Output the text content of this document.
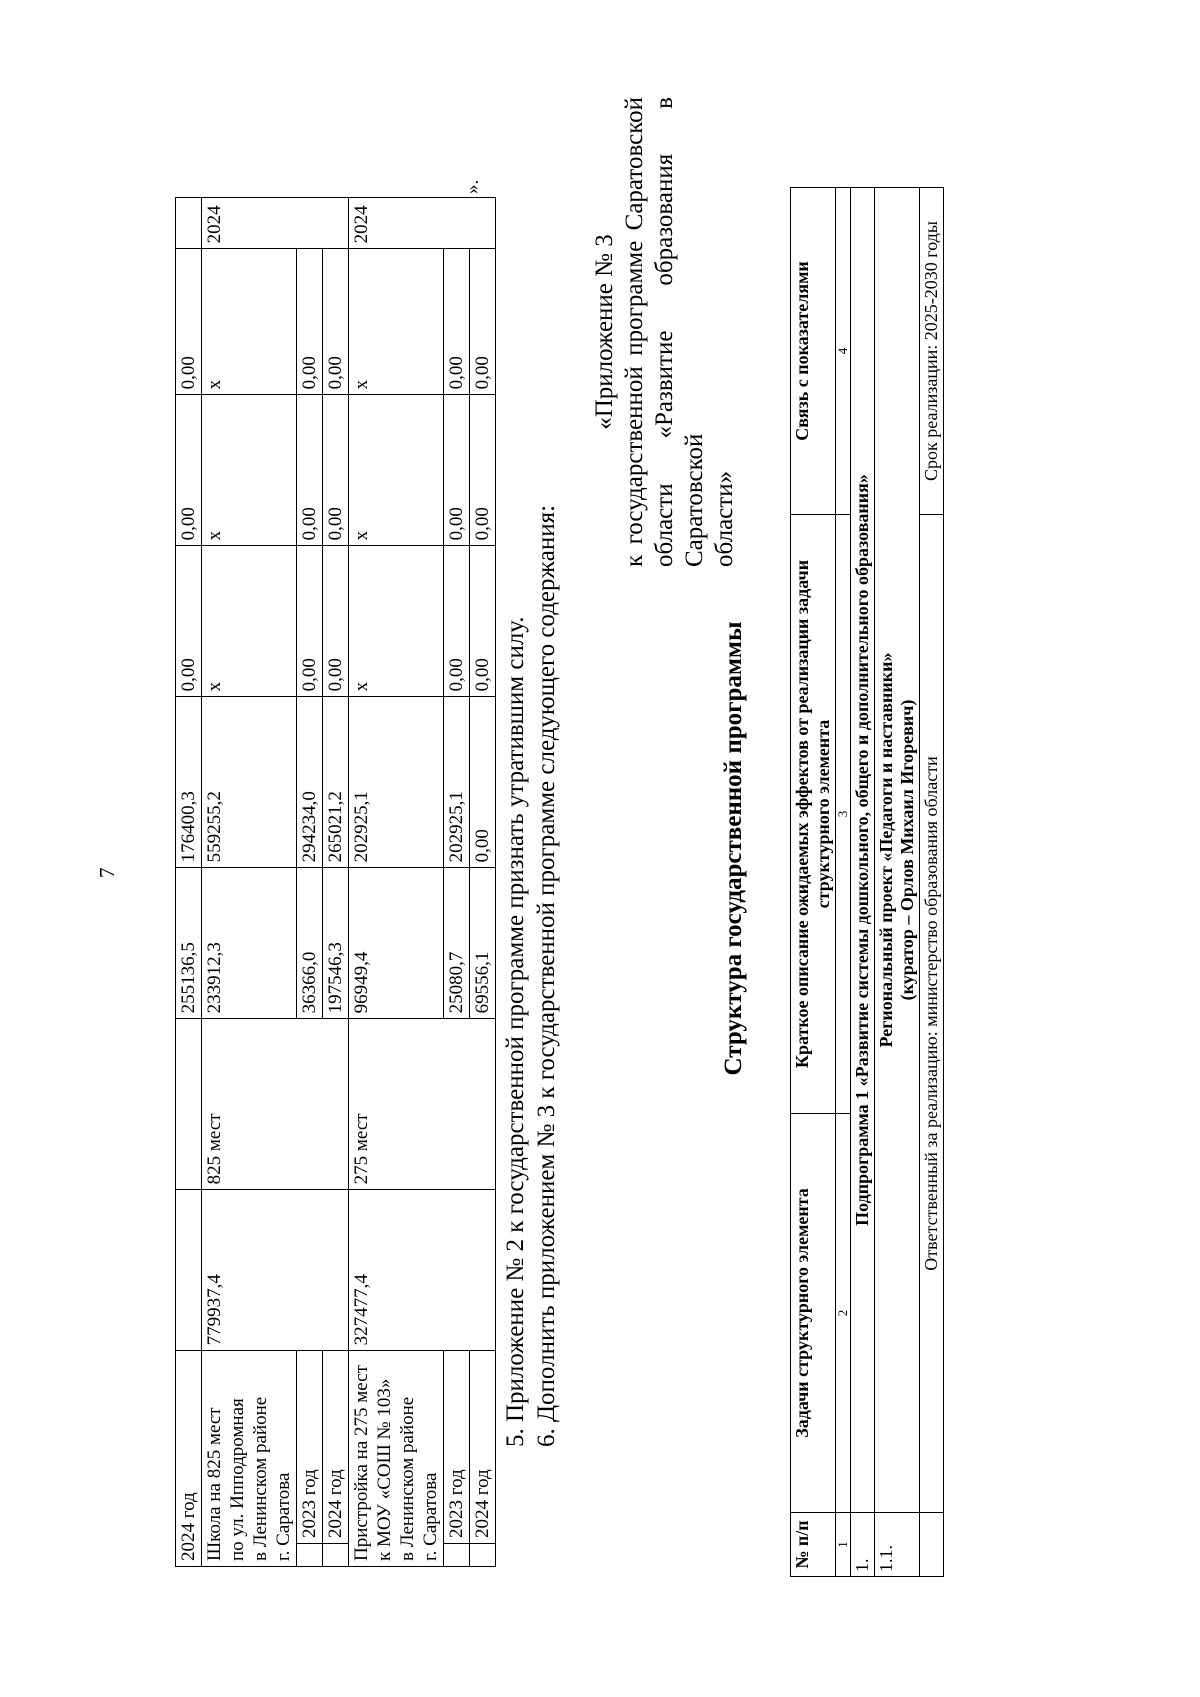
7
2024 год				255136,5	176400,3	0,00	0,00	0,00	

Школа на 825 мест по ул. Ипподромная в Ленинском районе г. Саратова		779937,4	825 мест	233912,3	559255,2	х	х	х	2024
	2023 год			36366,0	294234,0	0,00	0,00	0,00	
	2024 год			197546,3	265021,2	0,00	0,00	0,00	

Пристройка на 275 мест к МОУ «СОШ № 103» в Ленинском районе г. Саратова		327477,4	275 мест	96949,4	202925,1	х	х	х	2024
	2023 год			25080,7	202925,1	0,00	0,00	0,00	
	2024 год			69556,1	0,00	0,00	0,00	0,00	
».

5. Приложение № 2 к государственной программе признать утратившим силу. 6. Дополнить приложением № 3 к государственной программе следующего содержания:

«Приложение № 3 к государственной программе Саратовской области «Развитие образования в Саратовской области»
Структура государственной программы
№ п/п	Задачи структурного элемента	Краткое описание ожидаемых эффектов от реализации задачи структурного элемента	Связь с показателями
1	2	3	4
1.	Подпрограмма 1 «Развитие системы дошкольного, общего и дополнительного образования»		
1.1.	Региональный проект «Педагоги и наставники» (куратор – Орлов Михаил Игоревич)		

	Ответственный за реализацию: министерство образования области		Срок реализации: 2025-2030 годы
